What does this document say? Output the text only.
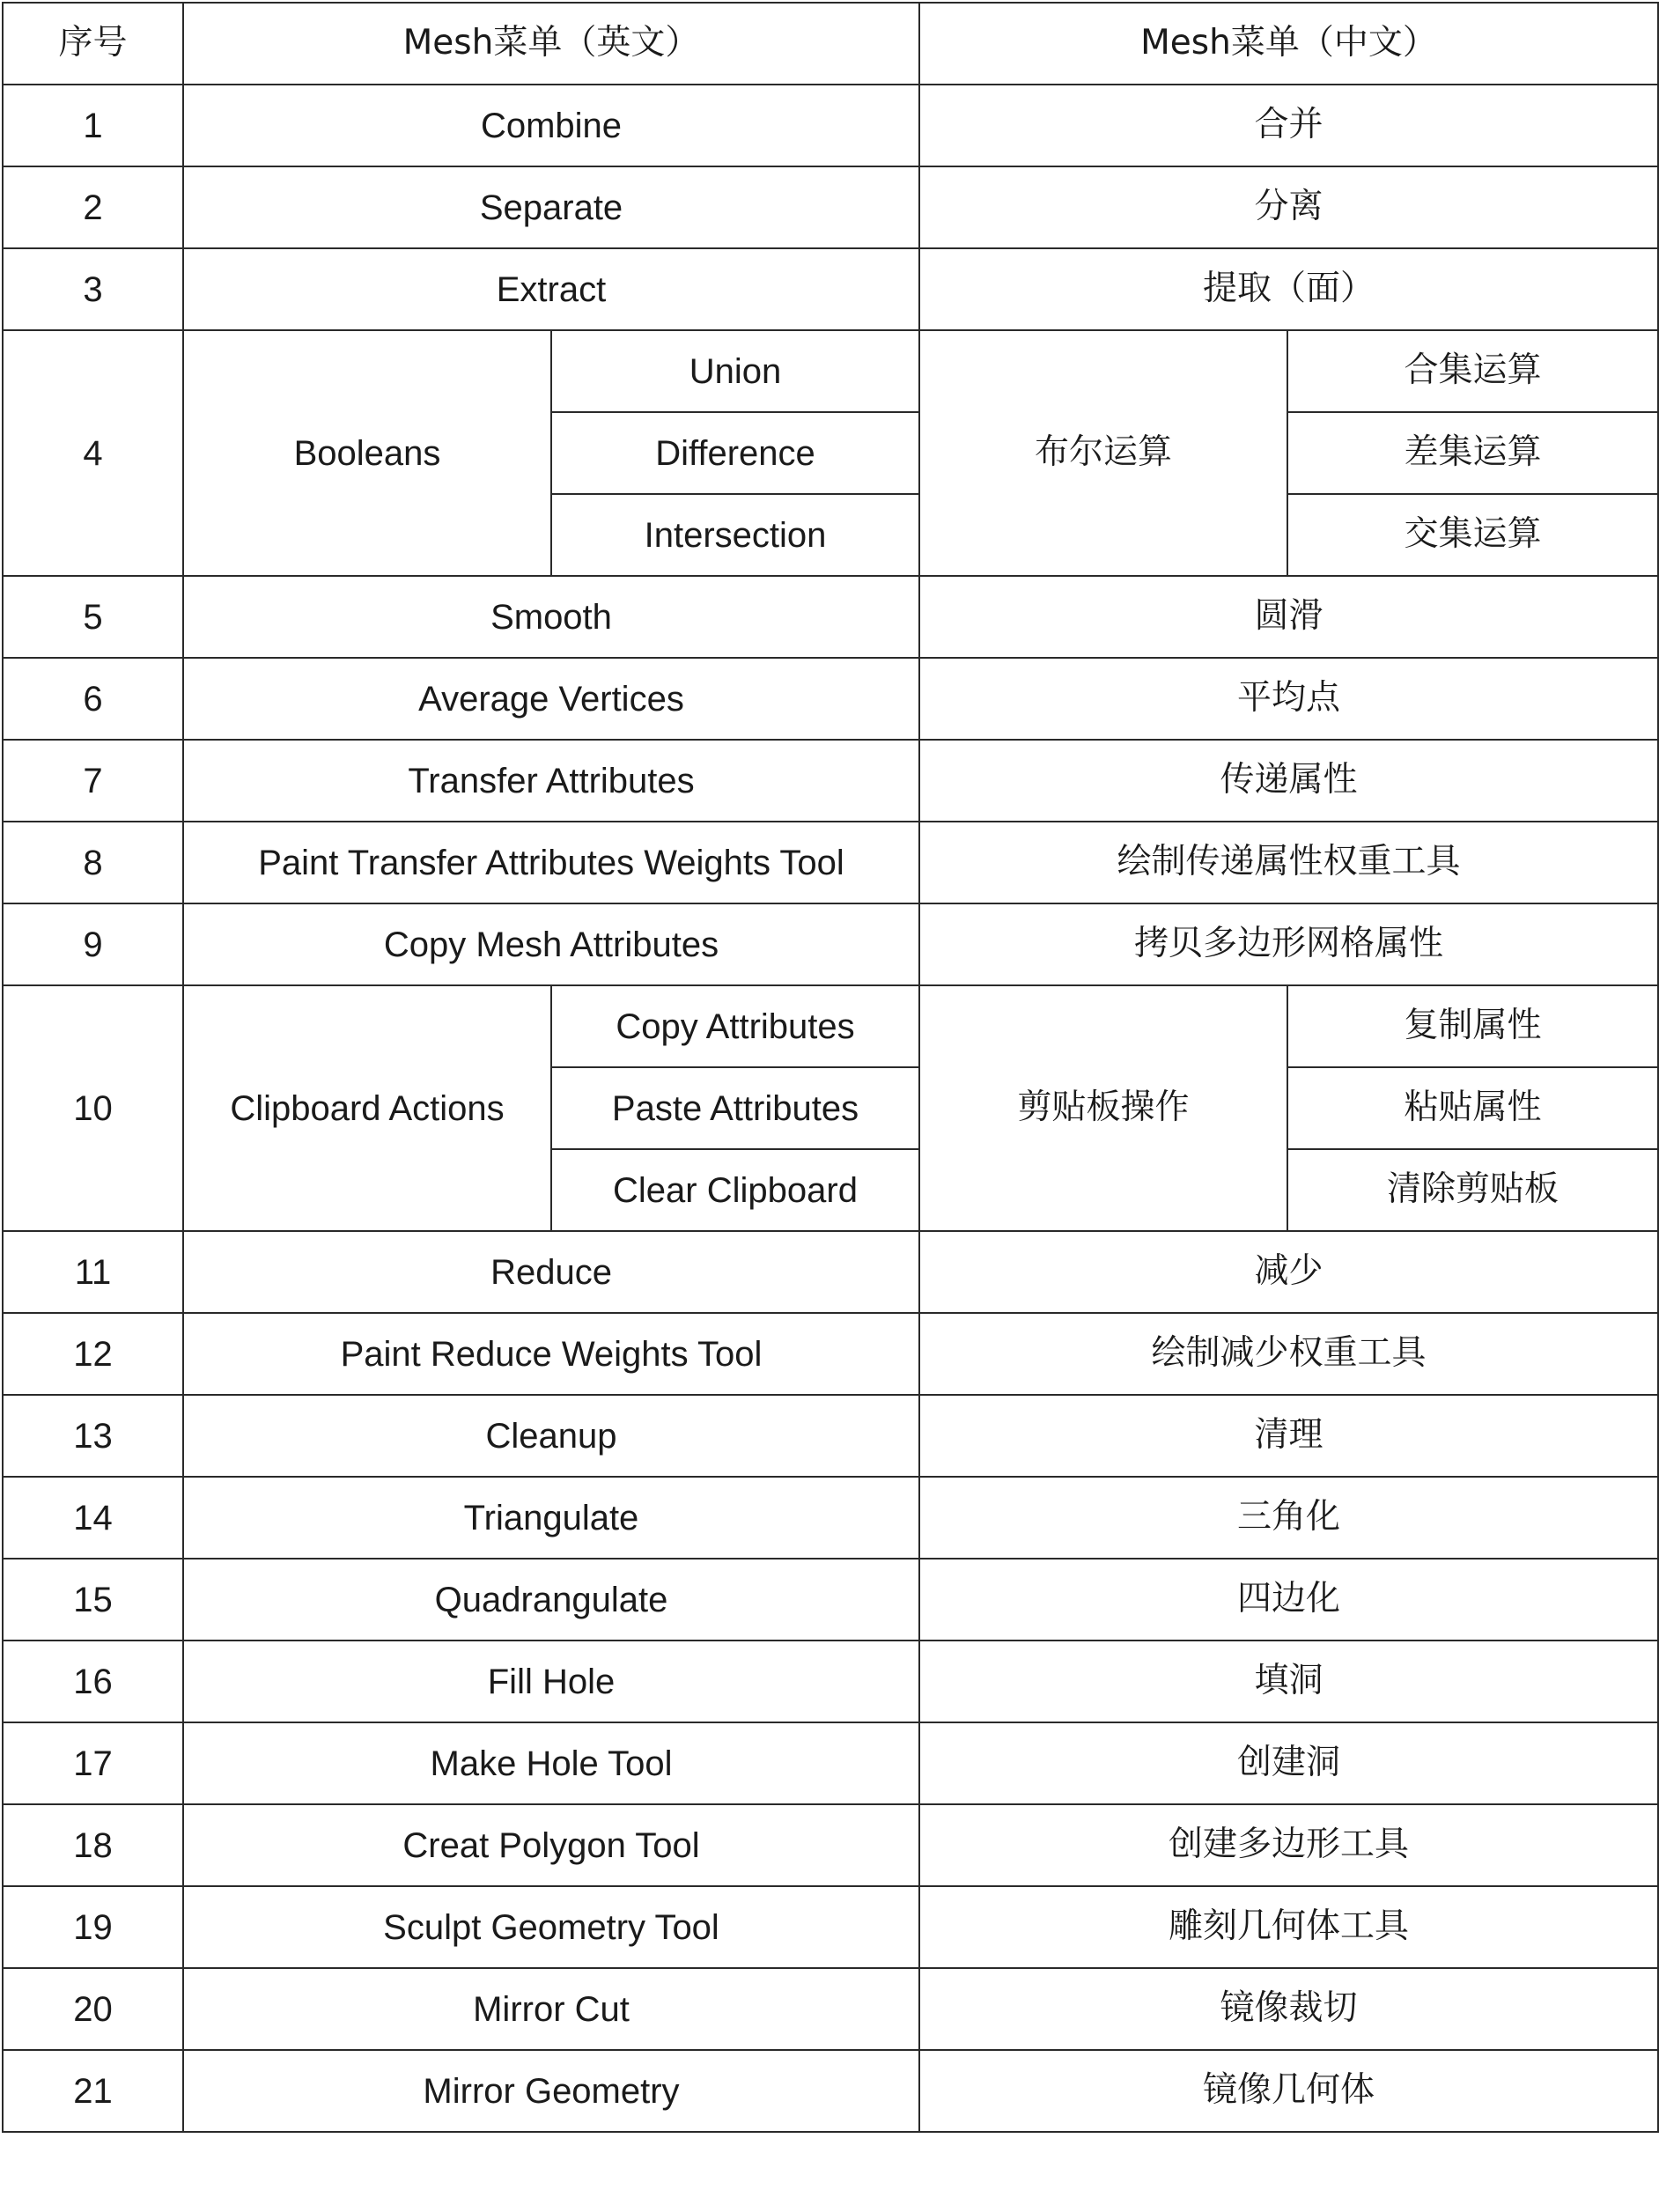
序号	Mesh菜单（英文）		Mesh菜单（中文）	
1	Combine		合并	
2	Separate		分离	
3	Extract		提取（面）	
4	Booleans	Union	布尔运算	合集运算
		Difference		差集运算
		Intersection		交集运算
5	Smooth		圆滑	
6	Average Vertices		平均点	
7	Transfer Attributes		传递属性	
8	Paint Transfer Attributes Weights Tool		绘制传递属性权重工具	
9	Copy Mesh Attributes		拷贝多边形网格属性	
10	Clipboard Actions	Copy Attributes	剪贴板操作	复制属性
		Paste Attributes		粘贴属性
		Clear Clipboard		清除剪贴板
11	Reduce		减少	
12	Paint Reduce Weights Tool		绘制减少权重工具	
13	Cleanup		清理	
14	Triangulate		三角化	
15	Quadrangulate		四边化	
16	Fill Hole		填洞	
17	Make Hole Tool		创建洞	
18	Creat Polygon Tool		创建多边形工具	
19	Sculpt Geometry Tool		雕刻几何体工具	
20	Mirror Cut		镜像裁切	
21	Mirror Geometry		镜像几何体	
